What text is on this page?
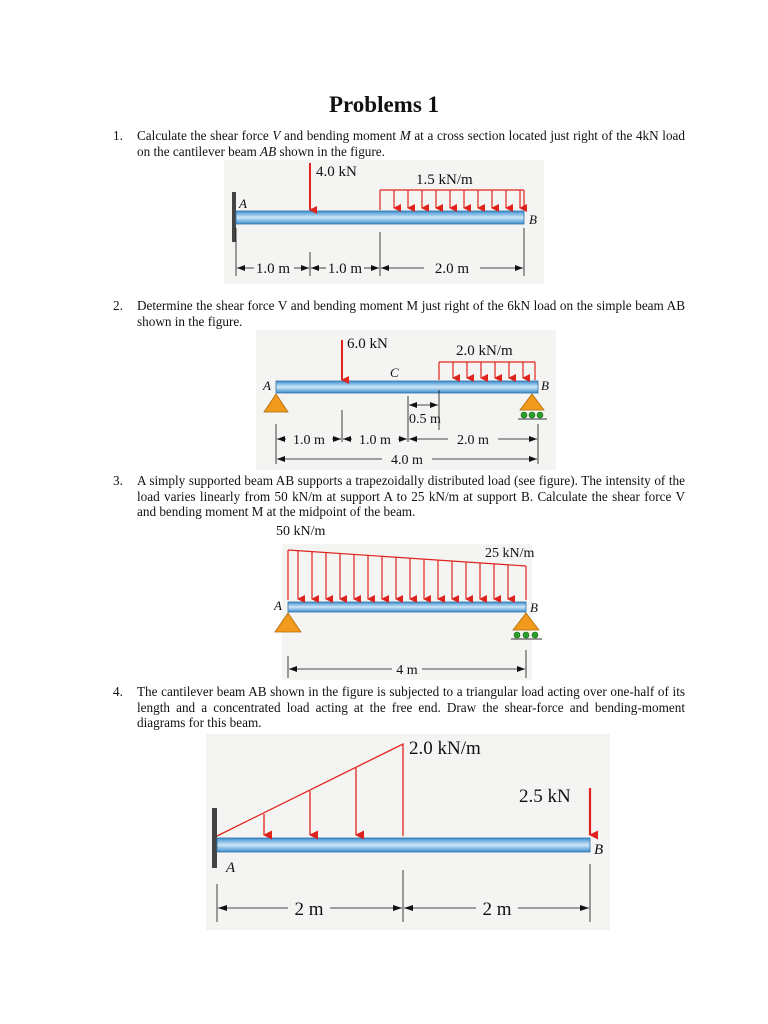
Problems 1
1. Calculate the shear force V and bending moment M at a cross section located just right of the 4kN load on the cantilever beam AB shown in the figure.
A
B
4.0 kN	1.5 kN/m
1.0 m	1.0 m	2.0 m
2. Determine the shear force V and bending moment M just right of the 6kN load on the simple beam AB shown in the figure.
A	B
C
6.0 kN	2.0 kN/m
0.5 m
1.0 m 1.0 m	2.0 m
4.0 m
3. A simply supported beam AB supports a trapezoidally distributed load (see figure). The intensity of the load varies linearly from 50 kN/m at support A to 25 kN/m at support B. Calculate the shear force V and bending moment M at the midpoint of the beam.
50 kN/m
25 kN/m
A	B
4 m
4. The cantilever beam AB shown in the figure is subjected to a triangular load acting over one-half of its length and a concentrated load acting at the free end. Draw the shear-force and bending-moment diagrams for this beam.
A
B
2.0 kN/m
2.5 kN
2 m	2 m
